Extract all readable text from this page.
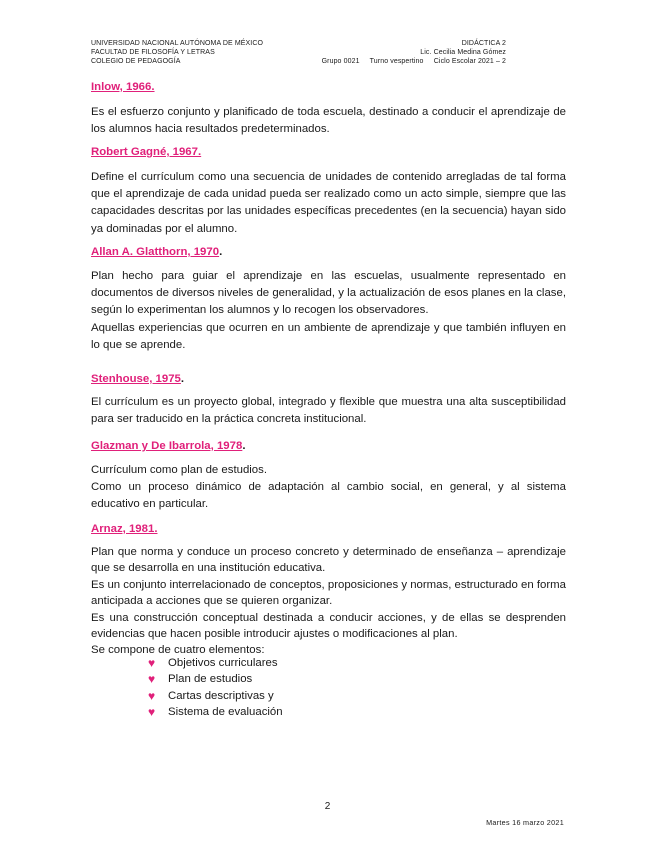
UNIVERSIDAD NACIONAL AUTÓNOMA DE MÉXICO
FACULTAD DE FILOSOFÍA Y LETRAS
COLEGIO DE PEDAGOGÍA
DIDÁCTICA 2
Lic. Cecilia Medina Gómez
Grupo 0021     Turno vespertino     Ciclo Escolar 2021 – 2
Inlow, 1966.

Es el esfuerzo conjunto y planificado de toda escuela, destinado a conducir el aprendizaje de los alumnos hacia resultados predeterminados.

Robert Gagné, 1967.

Define el currículum como una secuencia de unidades de contenido arregladas de tal forma que el aprendizaje de cada unidad pueda ser realizado como un acto simple, siempre que las capacidades descritas por las unidades específicas precedentes (en la secuencia) hayan sido ya dominadas por el alumno.

Allan A. Glatthorn, 1970.

Plan hecho para guiar el aprendizaje en las escuelas, usualmente representado en documentos de diversos niveles de generalidad, y la actualización de esos planes en la clase, según lo experimentan los alumnos y lo recogen los observadores.

Aquellas experiencias que ocurren en un ambiente de aprendizaje y que también influyen en lo que se aprende.

Stenhouse, 1975.

El currículum es un proyecto global, integrado y flexible que muestra una alta susceptibilidad para ser traducido en la práctica concreta institucional.

Glazman y De Ibarrola, 1978.

Currículum como plan de estudios.

Como un proceso dinámico de adaptación al cambio social, en general, y al sistema educativo en particular.

Arnaz, 1981.

Plan que norma y conduce un proceso concreto y determinado de enseñanza – aprendizaje que se desarrolla en una institución educativa.

Es un conjunto interrelacionado de conceptos, proposiciones y normas, estructurado en forma anticipada a acciones que se quieren organizar.

Es una construcción conceptual destinada a conducir acciones, y de ellas se desprenden evidencias que hacen posible introducir ajustes o modificaciones al plan.

Se compone de cuatro elementos:

♥	Objetivos curriculares
♥	Plan de estudios
♥	Cartas descriptivas y
♥	Sistema de evaluación
2
Martes 16 marzo 2021
